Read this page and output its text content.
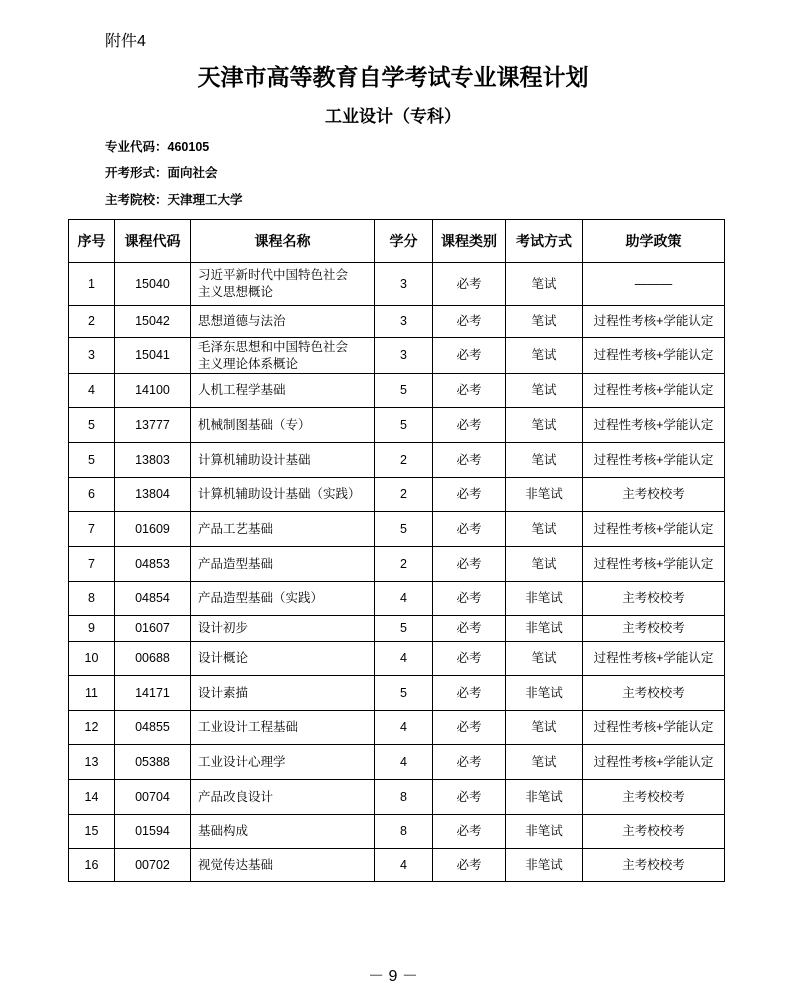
附件4
天津市高等教育自学考试专业课程计划
工业设计（专科）
专业代码：460105
开考形式：面向社会
主考院校：天津理工大学
序号	课程代码	课程名称	学分	课程类别	考试方式	助学政策
1	15040	习近平新时代中国特色社会
主义思想概论	3	必考	笔试	———
2	15042	思想道德与法治	3	必考	笔试	过程性考核+学能认定
3	15041	毛泽东思想和中国特色社会
主义理论体系概论	3	必考	笔试	过程性考核+学能认定
4	14100	人机工程学基础	5	必考	笔试	过程性考核+学能认定
5	13777	机械制图基础（专）	5	必考	笔试	过程性考核+学能认定
5	13803	计算机辅助设计基础	2	必考	笔试	过程性考核+学能认定
6	13804	计算机辅助设计基础（实践）	2	必考	非笔试	主考校校考
7	01609	产品工艺基础	5	必考	笔试	过程性考核+学能认定
7	04853	产品造型基础	2	必考	笔试	过程性考核+学能认定
8	04854	产品造型基础（实践）	4	必考	非笔试	主考校校考
9	01607	设计初步	5	必考	非笔试	主考校校考
10	00688	设计概论	4	必考	笔试	过程性考核+学能认定
11	14171	设计素描	5	必考	非笔试	主考校校考
12	04855	工业设计工程基础	4	必考	笔试	过程性考核+学能认定
13	05388	工业设计心理学	4	必考	笔试	过程性考核+学能认定
14	00704	产品改良设计	8	必考	非笔试	主考校校考
15	01594	基础构成	8	必考	非笔试	主考校校考
16	00702	视觉传达基础	4	必考	非笔试	主考校校考
－ 9 －
